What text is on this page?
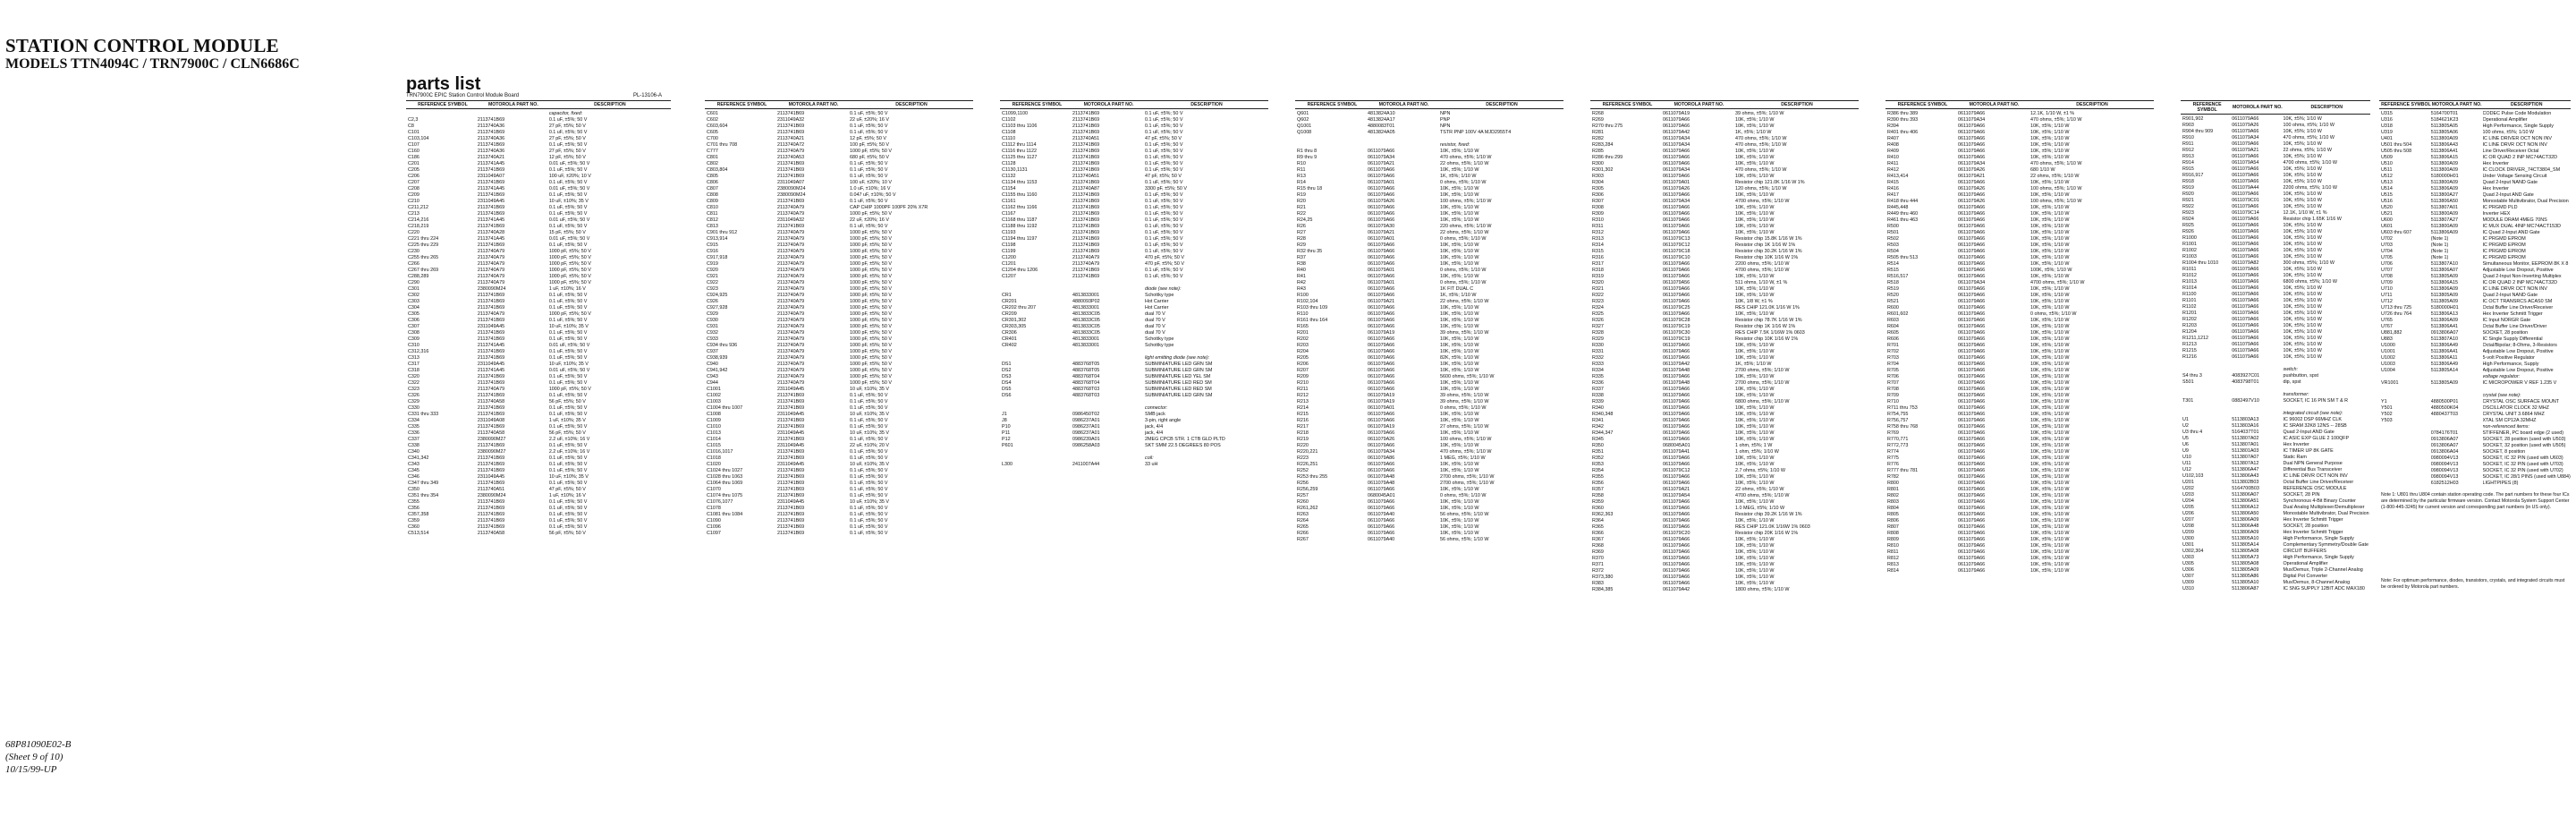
STATION CONTROL MODULE
MODELS TTN4094C / TRN7900C / CLN6686C
parts list
TRN7900C EPIC Station Control Module Board	PL-13106-A
REFERENCE SYMBOL	MOTOROLA PART NO.	DESCRIPTION
capacitor, fixed:
C2,3	2113741B69	0.1 uF, ±5%; 50 V
C8	2113740A36	27 pF, ±5%; 50 V
C101	2113741B69	0.1 uF, ±5%; 50 V
C103,104	2113740A36	27 pF, ±5%; 50 V
C107	2113741B69	0.1 uF, ±5%; 50 V
C160	2113740A36	27 pF, ±5%; 50 V
C186	2113740A21	12 pF, ±5%; 50 V
C201	2113741A45	0.01 uF, ±5%; 50 V
C205	2113741B69	0.1 uF, ±5%; 50 V
C206	2311049A07	100 uF, ±20%; 10 V
C207	2113741B69	0.1 uF, ±5%; 50 V
C208	2113741A45	0.01 uF, ±5%; 50 V
C209	2113741B69	0.1 uF, ±5%; 50 V
C210	2311049A45	10 uF, ±10%; 35 V
C211,212	2113741B69	0.1 uF, ±5%; 50 V
C213	2113741B69	0.1 uF, ±5%; 50 V
C214,216	2113741A45	0.01 uF, ±5%; 50 V
C218,219	2113741B69	0.1 uF, ±5%; 50 V
C220	2113740A28	15 pF, ±5%; 50 V
C221 thru 224	2113741A45	0.01 uF, ±5%; 50 V
C225 thru 229	2113741B69	0.1 uF, ±5%; 50 V
C230	2113740A79	1000 pF, ±5%; 50 V
C255 thru 265	2113740A79	1000 pF, ±5%; 50 V
C266	2113740A79	1000 pF, ±5%; 50 V
C267 thru 269	2113740A79	1000 pF, ±5%; 50 V
C288,289	2113740A79	1000 pF, ±5%; 50 V
C290	2113740A79	1000 pF, ±5%; 50 V
C301	2380090M24	1 uF, ±10%; 16 V
C302	2113741B69	0.1 uF, ±5%; 50 V
C303	2113741B69	0.1 uF, ±5%; 50 V
C304	2113741B69	0.1 uF, ±5%; 50 V
C305	2113740A79	1000 pF, ±5%; 50 V
C306	2113741B69	0.1 uF, ±5%; 50 V
C307	2311049A45	10 uF, ±10%; 35 V
C308	2113741B69	0.1 uF, ±5%; 50 V
C309	2113741B69	0.1 uF, ±5%; 50 V
C310	2113741A45	0.01 uF, ±5%; 50 V
C312,316	2113741B69	0.1 uF, ±5%; 50 V
C313	2113741B69	0.1 uF, ±5%; 50 V
C317	2311049A45	10 uF, ±10%; 35 V
C318	2113741A45	0.01 uF, ±5%; 50 V
C320	2113741B69	0.1 uF, ±5%; 50 V
C322	2113741B69	0.1 uF, ±5%; 50 V
C323	2113740A79	1000 pF, ±5%; 50 V
C326	2113741B69	0.1 uF, ±5%; 50 V
C329	2113740A58	56 pF, ±5%; 50 V
C330	2113741B69	0.1 uF, ±5%; 50 V
C331 thru 333	2113741B69	0.1 uF, ±5%; 50 V
C334	2311049A08	1 uF, ±10%; 35 V
C335	2113741B69	0.1 uF, ±5%; 50 V
C336	2113740A58	56 pF, ±5%; 50 V
C337	2380090M27	2.2 uF, ±10%; 16 V
C338	2113741B69	0.1 uF, ±5%; 50 V
C340	2380090M27	2.2 uF, ±10%; 16 V
C341,342	2113741B69	0.1 uF, ±5%; 50 V
C343	2113741B69	0.1 uF, ±5%; 50 V
C345	2113741B69	0.1 uF, ±5%; 50 V
C346	2311049A45	10 uF, ±10%; 35 V
C347 thru 349	2113741B69	0.1 uF, ±5%; 50 V
C350	2113740A51	47 pF, ±5%; 50 V
C351 thru 354	2380090M24	1 uF, ±10%; 16 V
C355	2113741B69	0.1 uF, ±5%; 50 V
C356	2113741B69	0.1 uF, ±5%; 50 V
C357,358	2113741B69	0.1 uF, ±5%; 50 V
C359	2113741B69	0.1 uF, ±5%; 50 V
C360	2113741B69	0.1 uF, ±5%; 50 V
C513,514	2113740A58	56 pF, ±5%; 50 V
REFERENCE SYMBOL	MOTOROLA PART NO.	DESCRIPTION
C601	2113741B69	0.1 uF, ±5%; 50 V
C602	2311049A32	22 uF, ±20%; 16 V
C603,604	2113741B69	0.1 uF, ±5%; 50 V
C605	2113741B69	0.1 uF, ±5%; 50 V
C700	2113740A21	12 pF, ±5%; 50 V
C701 thru 708	2113740A72	100 pF, ±5%; 50 V
C777	2113740A79	1000 pF, ±5%; 50 V
C801	2113740A53	680 pF, ±5%; 50 V
C802	2113741B69	0.1 uF, ±5%; 50 V
C803,804	2113741B69	0.1 uF, ±5%; 50 V
C805	2113741B69	0.1 uF, ±5%; 50 V
C806	2311049A07	100 uF, ±20%; 10 V
C807	2380090M24	1.0 uF, ±10%; 16 V
C808	2380090M24	0.047 uF, ±10%; 50 V
C809	2113741B69	0.1 uF, ±5%; 50 V
C810	2113740A79	CAP CHIP 1000PF 100PF 20% X7R
C811	2113740A79	1000 pF, ±5%; 50 V
C812	2311049A32	22 uF, ±20%; 16 V
C813	2113741B69	0.1 uF, ±5%; 50 V
C901 thru 912	2113740A79	1000 pF, ±5%; 50 V
C913,914	2113740A79	1000 pF, ±5%; 50 V
C915	2113740A79	1000 pF, ±5%; 50 V
C916	2113740A79	1000 pF, ±5%; 50 V
C917,918	2113740A79	1000 pF, ±5%; 50 V
C919	2113740A79	1000 pF, ±5%; 50 V
C920	2113740A79	1000 pF, ±5%; 50 V
C921	2113740A79	1000 pF, ±5%; 50 V
C922	2113740A79	1000 pF, ±5%; 50 V
C923	2113740A79	1000 pF, ±5%; 50 V
C924,925	2113740A79	1000 pF, ±5%; 50 V
C926	2113740A79	1000 pF, ±5%; 50 V
C927,928	2113740A79	1000 pF, ±5%; 50 V
C929	2113740A79	1000 pF, ±5%; 50 V
C930	2113740A79	1000 pF, ±5%; 50 V
C931	2113740A79	1000 pF, ±5%; 50 V
C932	2113740A79	1000 pF, ±5%; 50 V
C933	2113740A79	1000 pF, ±5%; 50 V
C934 thru 936	2113740A79	1000 pF, ±5%; 50 V
C937	2113740A79	1000 pF, ±5%; 50 V
C938,939	2113740A79	1000 pF, ±5%; 50 V
C940	2113740A79	1000 pF, ±5%; 50 V
C941,942	2113740A79	1000 pF, ±5%; 50 V
C943	2113740A79	1000 pF, ±5%; 50 V
C944	2113740A79	1000 pF, ±5%; 50 V
C1001	2311049A45	10 uF, ±10%; 35 V
C1002	2113741B69	0.1 uF, ±5%; 50 V
C1003	2113741B69	0.1 uF, ±5%; 50 V
C1004 thru 1007	2113741B69	0.1 uF, ±5%; 50 V
C1008	2311049A45	10 uF, ±10%; 35 V
C1009	2113741B69	0.1 uF, ±5%; 50 V
C1010	2113741B69	0.1 uF, ±5%; 50 V
C1013	2311049A45	10 uF, ±10%; 35 V
C1014	2113741B69	0.1 uF, ±5%; 50 V
C1015	2311049A45	22 uF, ±10%; 20 V
C1016,1017	2113741B69	0.1 uF, ±5%; 50 V
C1018	2113741B69	0.1 uF, ±5%; 50 V
C1020	2311049A45	10 uF, ±10%; 35 V
C1024 thru 1027	2113741B69	0.1 uF, ±5%; 50 V
C1028 thru 1063	2113741B69	0.1 uF, ±5%; 50 V
C1064 thru 1069	2113741B69	0.1 uF, ±5%; 50 V
C1070	2113741B69	0.1 uF, ±5%; 50 V
C1074 thru 1075	2113741B69	0.1 uF, ±5%; 50 V
C1076,1077	2311049A45	10 uF, ±10%; 35 V
C1078	2113741B69	0.1 uF, ±5%; 50 V
C1081 thru 1084	2113741B69	0.1 uF, ±5%; 50 V
C1090	2113741B69	0.1 uF, ±5%; 50 V
C1096	2113741B69	0.1 uF, ±5%; 50 V
C1097	2113741B69	0.1 uF, ±5%; 50 V
REFERENCE SYMBOL	MOTOROLA PART NO.	DESCRIPTION
C1099,1100	2113741B69	0.1 uF, ±5%; 50 V
C1102	2113741B69	0.1 uF, ±5%; 50 V
C1103 thru 1106	2113741B69	0.1 uF, ±5%; 50 V
C1108	2113741B69	0.1 uF, ±5%; 50 V
C1110	2113740A51	47 pF, ±5%; 50 V
C1112 thru 1114	2113741B69	0.1 uF, ±5%; 50 V
C1116 thru 1122	2113741B69	0.1 uF, ±5%; 50 V
C1125 thru 1127	2113741B69	0.1 uF, ±5%; 50 V
C1128	2113741B69	0.1 uF, ±5%; 50 V
C1130,1131	2113741B69	0.1 uF, ±5%; 50 V
C1132	2113740A51	47 pF, ±5%; 50 V
C1134 thru 1153	2113741B69	0.1 uF, ±5%; 50 V
C1154	2113740A87	3300 pF, ±5%; 50 V
C1155 thru 1160	2113741B69	0.1 uF, ±5%; 50 V
C1161	2113741B69	0.1 uF, ±5%; 50 V
C1162 thru 1166	2113741B69	0.1 uF, ±5%; 50 V
C1167	2113741B69	0.1 uF, ±5%; 50 V
C1168 thru 1187	2113741B69	0.1 uF, ±5%; 50 V
C1188 thru 1192	2113741B69	0.1 uF, ±5%; 50 V
C1193	2113741B69	0.1 uF, ±5%; 50 V
C1194 thru 1197	2113741B69	0.1 uF, ±5%; 50 V
C1198	2113741B69	0.1 uF, ±5%; 50 V
C1199	2113741B69	0.1 uF, ±5%; 50 V
C1200	2113740A79	470 pF, ±5%; 50 V
C1201	2113740A79	470 pF, ±5%; 50 V
C1204 thru 1206	2113741B69	0.1 uF, ±5%; 50 V
C1207	2113741B69	0.1 uF, ±5%; 50 V
diode (see note):
CR1	4813833001	Schottky type
CR201	4880093P02	Hot Carrier
CR202 thru 207	4813833001	Hot Carrier
CR209	4813833C05	dual 70 V
CR301,302	4813833C05	dual 70 V
CR303,305	4813833C05	dual 70 V
CR306	4813833C05	dual 70 V
CR401	4813833001	Schottky type
CR402	4813833001	Schottky type
light emitting diode (see note):
DS1	4883768T05	SUBMINIATURE LED GRN SM
DS2	4883768T05	SUBMINIATURE LED GRN SM
DS3	4883768T04	SUBMINIATURE LED YEL SM
DS4	4883768T04	SUBMINIATURE LED RED SM
DS5	4883768T03	SUBMINIATURE LED RED SM
DS6	4883768T03	SUBMINIATURE LED GRN SM
connector:
J1	0986450T02	SMB jack
J8	0986237A01	3-pin, right angle
P10	0986237A01	jack, 4/4
P11	0986237A01	jack, 4/4
P12	0986239A01	2MEG CPCB STR. 1 CTB GLD PLTD
P601	0986258A03	SKT SMM 22.5 DEGREES 80 POS
coil:
L300	2411007A44	33 uH
REFERENCE SYMBOL	MOTOROLA PART NO.	DESCRIPTION
Q601	4813824A10	NPN
Q602	4813824A17	PNP
Q1001	4880083T01	NPN
Q1008	4813824A05	TSTR PNP 100V 4A MJD2955T4
resistor, fixed:
R1 thru 8	0611079A66	10K, ±5%; 1/10 W
R9 thru 9	0611079A34	470 ohms, ±5%; 1/10 W
R10	0611079A21	22 ohms, ±5%; 1/10 W
R11	0611079A66	10K, ±5%; 1/10 W
R13	0611079A66	1K, ±5%; 1/10 W
R14	0611079A01	0 ohms, ±5%; 1/10 W
R15 thru 18	0611079A66	10K, ±5%; 1/10 W
R19	0611079A66	10K, ±5%; 1/10 W
R20	0611079A26	100 ohms, ±5%; 1/10 W
R21	0611079A66	10K, ±5%; 1/10 W
R22	0611079A66	10K, ±5%; 1/10 W
R24,25	0611079A66	10K, ±5%; 1/10 W
R26	0611079A30	220 ohms, ±5%; 1/10 W
R27	0611079A21	22 ohms, ±5%; 1/10 W
R28	0611079A01	0 ohms, ±5%; 1/10 W
R29	0611079A66	10K, ±5%; 1/10 W
R32 thru 35	0611079A66	10K, ±5%; 1/10 W
R37	0611079A66	10K, ±5%; 1/10 W
R38	0611079A66	10K, ±5%; 1/10 W
R40	0611079A01	0 ohms, ±5%; 1/10 W
R41	0611079A66	10K, ±5%; 1/10 W
R42	0611079A01	0 ohms, ±5%; 1/10 W
R43	0611079A66	1K FIT DUAL C
R100	0611079A66	1K, ±5%; 1/10 W
R102,104	0611079A21	22 ohms, ±5%; 1/10 W
R103 thru 109	0611079A66	10K, ±5%; 1/10 W
R110	0611079A66	10K, ±5%; 1/10 W
R161 thru 164	0611079A66	10K, ±5%; 1/10 W
R165	0611079A66	10K, ±5%; 1/10 W
R201	0611079A19	39 ohms, ±5%; 1/10 W
R202	0611079A66	10K, ±5%; 1/10 W
R203	0611079A66	10K, ±5%; 1/10 W
R204	0611079A66	10K, ±5%; 1/10 W
R205	0611079A66	82K, ±5%; 1/10 W
R206	0611079A66	10K, ±5%; 1/10 W
R207	0611079A66	10K, ±5%; 1/10 W
R209	0611079A66	5600 ohms, ±5%; 1/10 W
R210	0611079A66	10K, ±5%; 1/10 W
R211	0611079A66	10K, ±5%; 1/10 W
R212	0611079A19	39 ohms, ±5%; 1/10 W
R213	0611079A19	39 ohms, ±5%; 1/10 W
R214	0611079A01	0 ohms, ±5%; 1/10 W
R215	0611079A66	10K, ±5%; 1/10 W
R216	0611079A66	10K, ±5%; 1/10 W
R217	0611079A19	27 ohms, ±5%; 1/10 W
R218	0611079A66	10K, ±5%; 1/10 W
R219	0611079A26	100 ohms, ±5%; 1/10 W
R220	0611079A66	10K, ±5%; 1/10 W
R220,221	0611079A34	470 ohms, ±5%; 1/10 W
R223	0611079A86	1 MEG, ±5%; 1/10 W
R226,251	0611079A66	10K, ±5%; 1/10 W
R252	0611079A66	10K, ±5%; 1/10 W
R253 thru 255	0611079A48	2700 ohms, ±5%; 1/10 W
R256	0611079A48	2700 ohms, ±5%; 1/10 W
R256,259	0611079A66	10K, ±5%; 1/10 W
R257	0680045A01	0 ohms, ±5%; 1/10 W
R260	0611079A66	10K, ±5%; 1/10 W
R261,262	0611079A66	10K, ±5%; 1/10 W
R263	0611079A40	56 ohms, ±5%; 1/10 W
R264	0611079A66	10K, ±5%; 1/10 W
R265	0611079A66	10K, ±5%; 1/10 W
R266	0611079A66	10K, ±5%; 1/10 W
R267	0611079A40	56 ohms, ±5%; 1/10 W
REFERENCE SYMBOL	MOTOROLA PART NO.	DESCRIPTION
R268	0611079A19	39 ohms, ±5%; 1/10 W
R269	0611079A66	10K, ±5%; 1/10 W
R270 thru 275	0611079A66	10K, ±5%; 1/10 W
R281	0611079A42	1K, ±5%; 1/10 W
R282	0611079A34	470 ohms, ±5%; 1/10 W
R283,284	0611079A34	470 ohms, ±5%; 1/10 W
R285	0611079A66	10K, ±5%; 1/10 W
R286 thru 299	0611079A66	10K, ±5%; 1/10 W
R300	0611079A66	10K, ±5%; 1/10 W
R301,302	0611079A34	470 ohms, ±5%; 1/10 W
R303	0611079A66	10K, ±5%; 1/10 W
R304	0611079A01	Resistor chip 121.0K 1/16 W 1%
R305	0611079A26	120 ohms, ±5%; 1/10 W
R306	0611079A66	10K, ±5%; 1/10 W
R307	0611079A34	4700 ohms, ±5%; 1/10 W
R308	0611079A66	10K, ±5%; 1/10 W
R309	0611079A66	10K, ±5%; 1/10 W
R310	0611079A66	10K, ±5%; 1/10 W
R311	0611079A66	10K, ±5%; 1/10 W
R312	0611079A66	10K, ±5%; 1/10 W
R313	0611079C13	Resistor chip 15.8K 1/16 W 1%
R314	0611079C12	Resistor chip 1K 1/16 W 1%
R315	0611079C18	Resistor chip 30.2K 1/16 W 1%
R316	0611079C10	Resistor chip 10K 1/16 W 1%
R317	0611079A66	2200 ohms, ±5%; 1/10 W
R318	0611079A66	4700 ohms, ±5%; 1/10 W
R319	0611079A66	10K, ±5%; 1/10 W
R320	0611079A56	511 ohms, 1/10 W, ±1 %
R321	0611079A66	10K, ±5%; 1/10 W
R322	0611079A66	10K, ±5%; 1/10 W
R323	0611079A66	10K, 1/8 W, ±1 %
R324	0611079C25	RES CHIP 121.0K 1/16 W 1%
R325	0611079A66	10K, ±5%; 1/10 W
R326	0611079C28	Resistor chip 78.7K 1/16 W 1%
R327	0611079C19	Resistor chip 1K 1/16 W 1%
R328	0611079C30	RES CHIP 7.5K 1/16W 1% 0603
R329	0611079C19	Resistor chip 10K 1/16 W 1%
R330	0611079A66	10K, ±5%; 1/10 W
R331	0611079A66	10K, ±5%; 1/10 W
R332	0611079A66	10K, ±5%; 1/10 W
R333	0611079A42	1K, ±5%; 1/10 W
R334	0611079A48	2700 ohms, ±5%; 1/10 W
R335	0611079A66	10K, ±5%; 1/10 W
R336	0611079A48	2700 ohms, ±5%; 1/10 W
R337	0611079A66	10K, ±5%; 1/10 W
R338	0611079A66	10K, ±5%; 1/10 W
R339	0611079A66	6800 ohms, ±5%; 1/10 W
R340	0611079A66	10K, ±5%; 1/10 W
R340,348	0611079A66	10K, ±5%; 1/10 W
R341	0611079A66	10K, ±5%; 1/10 W
R342	0611079A66	10K, ±5%; 1/10 W
R344,347	0611079A66	10K, ±5%; 1/10 W
R345	0611079A66	10K, ±5%; 1/10 W
R350	0680045A01	1 ohm, ±5%; 1 W
R351	0611079A41	1 ohm, ±5%; 1/10 W
R352	0611079A66	10K, ±5%; 1/10 W
R353	0611079A66	10K, ±5%; 1/10 W
R354	0611079C12	2.7 ohms, ±5%; 1/10 W
R355	0611079A66	10K, ±5%; 1/10 W
R356	0611079A66	10K, ±5%; 1/10 W
R357	0611079A21	22 ohms, ±5%; 1/10 W
R358	0611079A54	4700 ohms, ±5%; 1/10 W
R359	0611079A66	10K, ±5%; 1/10 W
R360	0611079A66	1.0 MEG, ±5%; 1/10 W
R362,363	0611079A66	Resistor chip 39.2K 1/16 W 1%
R364	0611079A66	10K, ±5%; 1/10 W
R365	0611079A66	RES CHIP 121.0K 1/16W 1% 0603
R366	0611079C20	Resistor chip 20K 1/16 W 1%
R367	0611079A66	10K, ±5%; 1/10 W
R368	0611079A66	10K, ±5%; 1/10 W
R369	0611079A66	10K, ±5%; 1/10 W
R370	0611079A66	10K, ±5%; 1/10 W
R371	0611079A66	10K, ±5%; 1/10 W
R372	0611079A66	10K, ±5%; 1/10 W
R373,380	0611079A66	10K, ±5%; 1/10 W
R383	0611079A66	10K, ±5%; 1/10 W
R384,385	0611079A42	1800 ohms, ±5%; 1/10 W
REFERENCE SYMBOL	MOTOROLA PART NO.	DESCRIPTION
R386 thru 389	0611079A66	12.1K, 1/10 W, ±1 %
R390 thru 393	0611079A34	470 ohms, ±5%; 1/10 W
R394	0611079A66	10K, ±5%; 1/10 W
R401 thru 406	0611079A66	10K, ±5%; 1/10 W
R407	0611079A66	10K, ±5%; 1/10 W
R408	0611079A66	10K, ±5%; 1/10 W
R409	0611079A66	10K, ±5%; 1/10 W
R410	0611079A66	10K, ±5%; 1/10 W
R411	0611079A34	470 ohms, ±5%; 1/10 W
R412	0611079A26	680 1/10 W
R413,414	0611079A21	22 ohms, ±5%; 1/10 W
R415	0611079A66	10K, ±5%; 1/10 W
R416	0611079A26	100 ohms, ±5%; 1/10 W
R417	0611079A66	10K, ±5%; 1/10 W
R418 thru 444	0611079A26	100 ohms, ±5%; 1/10 W
R445,448	0611079A66	10K, ±5%; 1/10 W
R449 thru 460	0611079A66	10K, ±5%; 1/10 W
R461 thru 463	0611079A66	10K, ±5%; 1/10 W
R500	0611079A66	10K, ±5%; 1/10 W
R501	0611079A66	10K, ±5%; 1/10 W
R502	0611079A66	10K, ±5%; 1/10 W
R503	0611079A66	10K, ±5%; 1/10 W
R504	0611079A66	10K, ±5%; 1/10 W
R505 thru 513	0611079A66	10K, ±5%; 1/10 W
R514	0611079A66	10K, ±5%; 1/10 W
R515	0611079A66	100K, ±5%; 1/10 W
R516,517	0611079A66	10K, ±5%; 1/10 W
R518	0611079A34	4700 ohms, ±5%; 1/10 W
R519	0611079A66	10K, ±5%; 1/10 W
R520	0611079A66	10K, ±5%; 1/10 W
R521	0611079A66	10K, ±5%; 1/10 W
R600	0611079A66	10K, ±5%; 1/10 W
R601,602	0611079A66	0 ohms, ±5%; 1/10 W
R603	0611079A66	10K, ±5%; 1/10 W
R604	0611079A66	10K, ±5%; 1/10 W
R605	0611079A66	10K, ±5%; 1/10 W
R606	0611079A66	10K, ±5%; 1/10 W
R701	0611079A66	10K, ±5%; 1/10 W
R702	0611079A66	10K, ±5%; 1/10 W
R703	0611079A66	10K, ±5%; 1/10 W
R704	0611079A66	10K, ±5%; 1/10 W
R705	0611079A66	10K, ±5%; 1/10 W
R706	0611079A66	10K, ±5%; 1/10 W
R707	0611079A66	10K, ±5%; 1/10 W
R708	0611079A66	10K, ±5%; 1/10 W
R709	0611079A66	10K, ±5%; 1/10 W
R710	0611079A66	10K, ±5%; 1/10 W
R711 thru 753	0611079A66	10K, ±5%; 1/10 W
R754,755	0611079A66	10K, ±5%; 1/10 W
R756,757	0611079A66	10K, ±5%; 1/10 W
R758 thru 768	0611079A66	10K, ±5%; 1/10 W
R769	0611079A66	10K, ±5%; 1/10 W
R770,771	0611079A66	10K, ±5%; 1/10 W
R772,773	0611079A66	10K, ±5%; 1/10 W
R774	0611079A66	10K, ±5%; 1/10 W
R775	0611079A66	10K, ±5%; 1/10 W
R776	0611079A66	10K, ±5%; 1/10 W
R777 thru 781	0611079A66	10K, ±5%; 1/10 W
R782	0611079A66	10K, ±5%; 1/10 W
R800	0611079A66	10K, ±5%; 1/10 W
R801	0611079A66	10K, ±5%; 1/10 W
R802	0611079A66	10K, ±5%; 1/10 W
R803	0611079A66	10K, ±5%; 1/10 W
R804	0611079A66	10K, ±5%; 1/10 W
R805	0611079A66	10K, ±5%; 1/10 W
R806	0611079A66	10K, ±5%; 1/10 W
R807	0611079A66	10K, ±5%; 1/10 W
R808	0611079A66	10K, ±5%; 1/10 W
R809	0611079A66	10K, ±5%; 1/10 W
R810	0611079A66	10K, ±5%; 1/10 W
R811	0611079A66	10K, ±5%; 1/10 W
R812	0611079A66	10K, ±5%; 1/10 W
R813	0611079A66	10K, ±5%; 1/10 W
R814	0611079A66	10K, ±5%; 1/10 W
REFERENCE SYMBOL	MOTOROLA PART NO.	DESCRIPTION
R901,902	0611079A66	10K, ±5%; 1/10 W
R903	0611079A26	100 ohms, ±5%; 1/10 W
R904 thru 909	0611079A66	10K, ±5%; 1/10 W
R910	0611079A34	470 ohms, ±5%; 1/10 W
R911	0611079A66	10K, ±5%; 1/10 W
R912	0611079A21	22 ohms, ±5%; 1/10 W
R913	0611079A66	10K, ±5%; 1/10 W
R914	0611079A54	4700 ohms, ±5%; 1/10 W
R915	0611079A66	10K, ±5%; 1/10 W
R916,917	0611079A66	10K, ±5%; 1/10 W
R918	0611079A66	10K, ±5%; 1/10 W
R919	0611079A44	2200 ohms, ±5%; 1/10 W
R920	0611079A66	10K, ±5%; 1/10 W
R921	0611079C01	10K, ±5%; 1/10 W
R922	0611079A66	10K, ±5%; 1/10 W
R923	0611079C14	12.1K, 1/10 W, ±1 %
R924	0611079A66	Resistor chip 1.65K 1/16 W
R925	0611079A66	10K, ±5%; 1/10 W
R926	0611079A66	10K, ±5%; 1/10 W
R1000	0611079A66	10K, ±5%; 1/10 W
R1001	0611079A66	10K, ±5%; 1/10 W
R1002	0611079A66	10K, ±5%; 1/10 W
R1003	0611079A66	10K, ±5%; 1/10 W
R1004 thru 1010	0611079A82	300 ohms, ±5%; 1/10 W
R1011	0611079A66	10K, ±5%; 1/10 W
R1012	0611079A66	10K, ±5%; 1/10 W
R1013	0611079A66	6800 ohms, ±5%; 1/10 W
R1014	0611079A66	10K, ±5%; 1/10 W
R1100	0611079A66	10K, ±5%; 1/10 W
R1101	0611079A66	10K, ±5%; 1/10 W
R1102	0611079A66	10K, ±5%; 1/10 W
R1201	0611079A66	10K, ±5%; 1/10 W
R1202	0611079A66	10K, ±5%; 1/10 W
R1203	0611079A66	10K, ±5%; 1/10 W
R1204	0611079A66	10K, ±5%; 1/10 W
R1211,1212	0611079A66	10K, ±5%; 1/10 W
R1213	0611079A66	10K, ±5%; 1/10 W
R1215	0611079A66	10K, ±5%; 1/10 W
R1216	0611079A66	10K, ±5%; 1/10 W
switch:
S4 thru 3	4083927C01	pushbutton, spst
S501	4083798T01	dip, spst
transformer:
T301	0882497V10	SOCKET, IC 16 PIN SM T & R
integrated circuit (see note):
U1	5113803A13	IC 96002 DSP 66MHZ CLK
U2	5113803A16	IC SRAM 32K8 12NS -- 28SB
U3 thru 4	5164037T01	Quad 2-Input AND Gate
U5	5113807A02	IC ASIC EXP GLUE 2 100QFP
U6	5113807A01	Hex Inverter
U9	5113801A03	IC TIMER UP 8K GATE
U10	5113807A07	Static Ram
U11	5113807A12	Dual NPN General Purpose
U12	5113806A47	Differential Bus Transceiver
U102,103	5113806A43	IC LINE DRVR OCT NON INV
U201	5113802B03	Octal Buffer Line Driver/Receiver
U202	5164700B03	REFERENCE OSC MODULE
U203	5113806A07	SOCKET, 28 PIN
U204	5113806A51	Synchronous 4-Bit Binary Counter
U205	5113806A12	Dual Analog Multiplexer/Demultiplexer
U206	5113806A50	Monostable Multivibrator, Dual Precision
U207	5113806A09	Hex Inverter Schmitt Trigger
U208	5113806A48	SOCKET, 28 position
U209	5113806A09	Hex Inverter Schmitt Trigger
U300	5113805A10	High Performance, Single Supply
U301	5113805A14	Complementary Symmetry/Double Gate
U302,304	5113805A08	CIRCUIT BUFFERS
U303	5113805A73	High Performance, Single Supply
U305	5113805A08	Operational Amplifier
U306	5113805A09	Mux/Demux, Triple 2-Channel Analog
U307	5113805A86	Digital Pot Converter
U309	5113805A10	Mux/Demux, 8-Channel Analog
U310	5113806A87	IC SNG SUPPLY 12BIT ADC MAX180
REFERENCE SYMBOL MOTOROLA PART NO.	DESCRIPTION
U315	5164700T01	CODEC Pulse Code Modulation
U316	5184621K23	Operational Amplifier
U318	5113805A05	High Performance, Single Supply
U319	5113805A06	100 ohms, ±5%; 1/10 W
U401	5113800A09	IC LINE DRIVER OCT NON INV
U501 thru 504	5113806A43	IC LINE DRVR OCT NON INV
U505 thru 508	5113806A41	Line Driver/Receiver Octal
U509	5113806A15	IC OR QUAD 2 INP MC74ACT32D
U510	5113800A09	Hex Inverter
U511	5113800A09	IC CLOCK DRIVER_74CT3804_SM
U512	5180000H01	Under Voltage Sensing Circuit
U513	5113800A09	Quad 2-Input NAND Gate
U514	5113806A09	Hex Inverter
U515	5113800A27	Quad 2-Input AND Gate
U516	5113806A50	Monostable Multivibrator, Dual Precision
U520	5113807A01	IC PRGMD PLD
U521	5113800A09	Inverter HEX
U600	5113807A27	MODULE DRAM 4MEG 70NS
U601	5113800A09	IC MUX DUAL 4INP MC74ACT153D
U603 thru 607	5113806A09	IC Quad 2-Input AND Gate
U702	(Note 1)	IC PRGMD EPROM
U703	(Note 1)	IC PRGMD EPROM
U704	(Note 1)	IC PRGMD EPROM
U705	(Note 1)	IC PRGMD EPROM
U706	5113807A10	Simultaneous Monitor, EEPROM 8K X 8
U707	5113806A07	Adjustable Low Dropout, Positive
U708	5113805A09	Quad 2-Input Non-Inverting Multiplex
U709	5113806A15	IC OR QUAD 2 INP MC74ACT32D
U710	5113806A09	IC LINE DRVR OCT NON INV
U711	5113805A09	Quad 2-Input NAND Gate
U712	5113805A09	IC OCT TRANSRCS ACAS0 SM
U713 thru 725	5180000H01	Octal Buffer Line Driver/Receiver
U726 thru 764	5113806A13	Hex Inverter Schmitt Trigger
U765	5113806A09	IC Input NORGR Gate
U767	5113806A41	Octal Buffer Line Driver/Driver
U881,882	0913806A07	SOCKET, 28 position
U883	5113807A10	IC Single Supply Differential
U1000	5113806A49	Octal/Bipolar; 8-Ohms, 3-Resistors
U1001	5113806A41	Adjustable Low Dropout, Positive
U1002	5113806A11	5-volt Positive Regulator
U1003	5113806A49	High Performance, Supply
U1004	5113805A14	Adjustable Low Dropout, Positive
voltage regulator:
VR1001	5113805A09	IC MICROPOWER V REF 1.235 V
crystal (see note):
Y1	4880500P01	CRYSTAL OSC SURFACE MOUNT
Y501	4880500K04	OSCILLATOR CLOCK 32 MHZ
Y502	4880437T03	CRYSTAL UNIT 3.6864 MHZ
Y503	XTAL SM CP12A 32MHZ
non-referenced items:
0784176T01	STIFFENER, PC board edge (2 used)
0913806A07	SOCKET, 28 position (used with U503)
0913806A07	SOCKET, 32 position (used with U505)
0913806A04	SOCKET, 8 position
0980094V13	SOCKET, IC 32 PIN (used with U603)
0980094V13	SOCKET, IC 32 PIN (used with U703)
0980094V13	SOCKET, IC 32 PIN (used with U702)
0980094V13	SOCKET, IC 28/1 PINS (used with U884)
6182512H03	LIGHTPIPES (8)
Note 1: U801 thru U804 contain station operating code. The part numbers for these four ICs are determined by the particular firmware version. Contact Motorola System Support Center (1-800-445-3245) for current version and corresponding part numbers (in US only).
Note: For optimum performance, diodes, transistors, crystals, and integrated circuits must be ordered by Motorola part numbers.
68P81090E02-B
(Sheet 9 of 10)
10/15/99-UP
